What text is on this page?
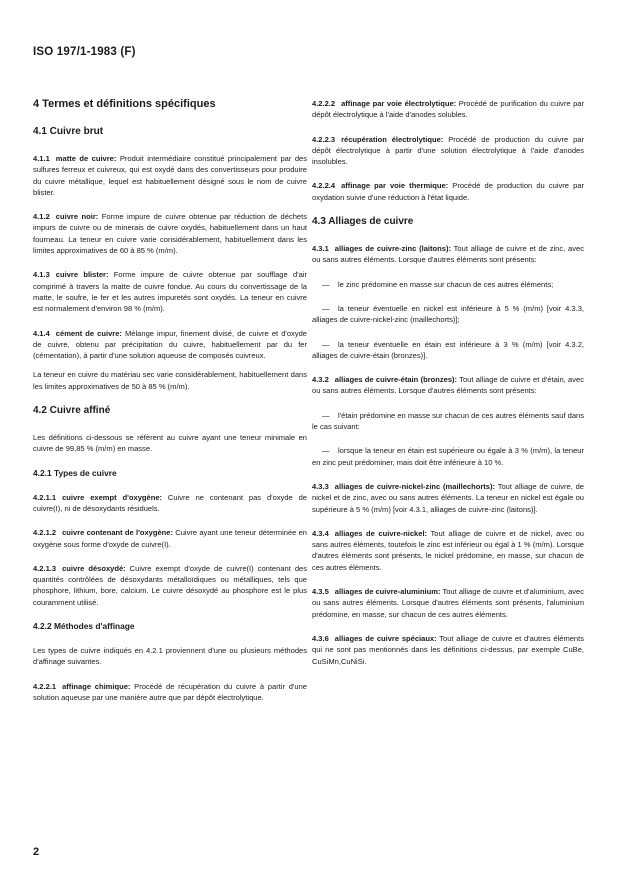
ISO 197/1-1983 (F)
4 Termes et définitions spécifiques
4.1 Cuivre brut
4.1.1 matte de cuivre: Produit intermédiaire constitué principalement par des sulfures ferreux et cuivreux, qui est oxydé dans des convertisseurs pour produire du cuivre métallique, lequel est habituellement désigné sous le nom de cuivre blister.
4.1.2 cuivre noir: Forme impure de cuivre obtenue par réduction de déchets impurs de cuivre ou de minerais de cuivre oxydés, habituellement dans un haut fourneau. La teneur en cuivre varie considérablement, habituellement dans les limites approximatives de 60 à 85 % (m/m).
4.1.3 cuivre blister: Forme impure de cuivre obtenue par soufflage d'air comprimé à travers la matte de cuivre fondue. Au cours du convertissage de la matte, le soufre, le fer et les autres impuretés sont oxydés. La teneur en cuivre est normalement d'environ 98 % (m/m).
4.1.4 cément de cuivre: Mélange impur, finement divisé, de cuivre et d'oxyde de cuivre, obtenu par précipitation du cuivre, habituellement par du fer (cémentation), à partir d'une solution aqueuse de composés cuivreux.
La teneur en cuivre du matériau sec varie considérablement, habituellement dans les limites approximatives de 50 à 85 % (m/m).
4.2 Cuivre affiné
Les définitions ci-dessous se réfèrent au cuivre ayant une teneur minimale en cuivre de 99,85 % (m/m) en masse.
4.2.1 Types de cuivre
4.2.1.1 cuivre exempt d'oxygène: Cuivre ne contenant pas d'oxyde de cuivre(I), ni de désoxydants résiduels.
4.2.1.2 cuivre contenant de l'oxygène: Cuivre ayant une teneur déterminée en oxygène sous forme d'oxyde de cuivre(I).
4.2.1.3 cuivre désoxydé: Cuivre exempt d'oxyde de cuivre(I) contenant des quantités contrôlées de désoxydants métalloïdiques ou métalliques, tels que phosphore, lithium, bore, calcium. Le cuivre désoxydé au phosphore est le plus couramment utilisé.
4.2.2 Méthodes d'affinage
Les types de cuivre indiqués en 4.2.1 proviennent d'une ou plusieurs méthodes d'affinage suivantes.
4.2.2.1 affinage chimique: Procédé de récupération du cuivre à partir d'une solution aqueuse par une manière autre que par dépôt électrolytique.
4.2.2.2 affinage par voie électrolytique: Procédé de purification du cuivre par dépôt électrolytique à l'aide d'anodes solubles.
4.2.2.3 récupération électrolytique: Procédé de production du cuivre par dépôt électrolytique à partir d'une solution électrolytique à l'aide d'anodes insolubles.
4.2.2.4 affinage par voie thermique: Procédé de production du cuivre par oxydation suivie d'une réduction à l'état liquide.
4.3 Alliages de cuivre
4.3.1 alliages de cuivre-zinc (laitons): Tout alliage de cuivre et de zinc, avec ou sans autres éléments. Lorsque d'autres éléments sont présents:
— le zinc prédomine en masse sur chacun de ces autres éléments;
— la teneur éventuelle en nickel est inférieure à 5 % (m/m) [voir 4.3.3, alliages de cuivre-nickel-zinc (maillechorts)];
— la teneur éventuelle en étain est inférieure à 3 % (m/m) [voir 4.3.2, alliages de cuivre-étain (bronzes)].
4.3.2 alliages de cuivre-étain (bronzes): Tout alliage de cuivre et d'étain, avec ou sans autres éléments. Lorsque d'autres éléments sont présents:
— l'étain prédomine en masse sur chacun de ces autres éléments sauf dans le cas suivant:
— lorsque la teneur en étain est supérieure ou égale à 3 % (m/m), la teneur en zinc peut prédominer, mais doit être inférieure à 10 %.
4.3.3 alliages de cuivre-nickel-zinc (maillechorts): Tout alliage de cuivre, de nickel et de zinc, avec ou sans autres éléments. La teneur en nickel est égale ou supérieure à 5 % (m/m) [voir 4.3.1, alliages de cuivre-zinc (laitons)].
4.3.4 alliages de cuivre-nickel: Tout alliage de cuivre et de nickel, avec ou sans autres éléments, toutefois le zinc est inférieur ou égal à 1 % (m/m). Lorsque d'autres éléments sont présents, le nickel prédomine, en masse, sur chacun de ces autres éléments.
4.3.5 alliages de cuivre-aluminium: Tout alliage de cuivre et d'aluminium, avec ou sans autres éléments. Lorsque d'autres éléments sont présents, l'aluminium prédomine, en masse, sur chacun de ces autres éléments.
4.3.6 alliages de cuivre spéciaux: Tout alliage de cuivre et d'autres éléments qui ne sont pas mentionnés dans les définitions ci-dessus, par exemple CuBe, CuSiMn,CuNiSi.
2
